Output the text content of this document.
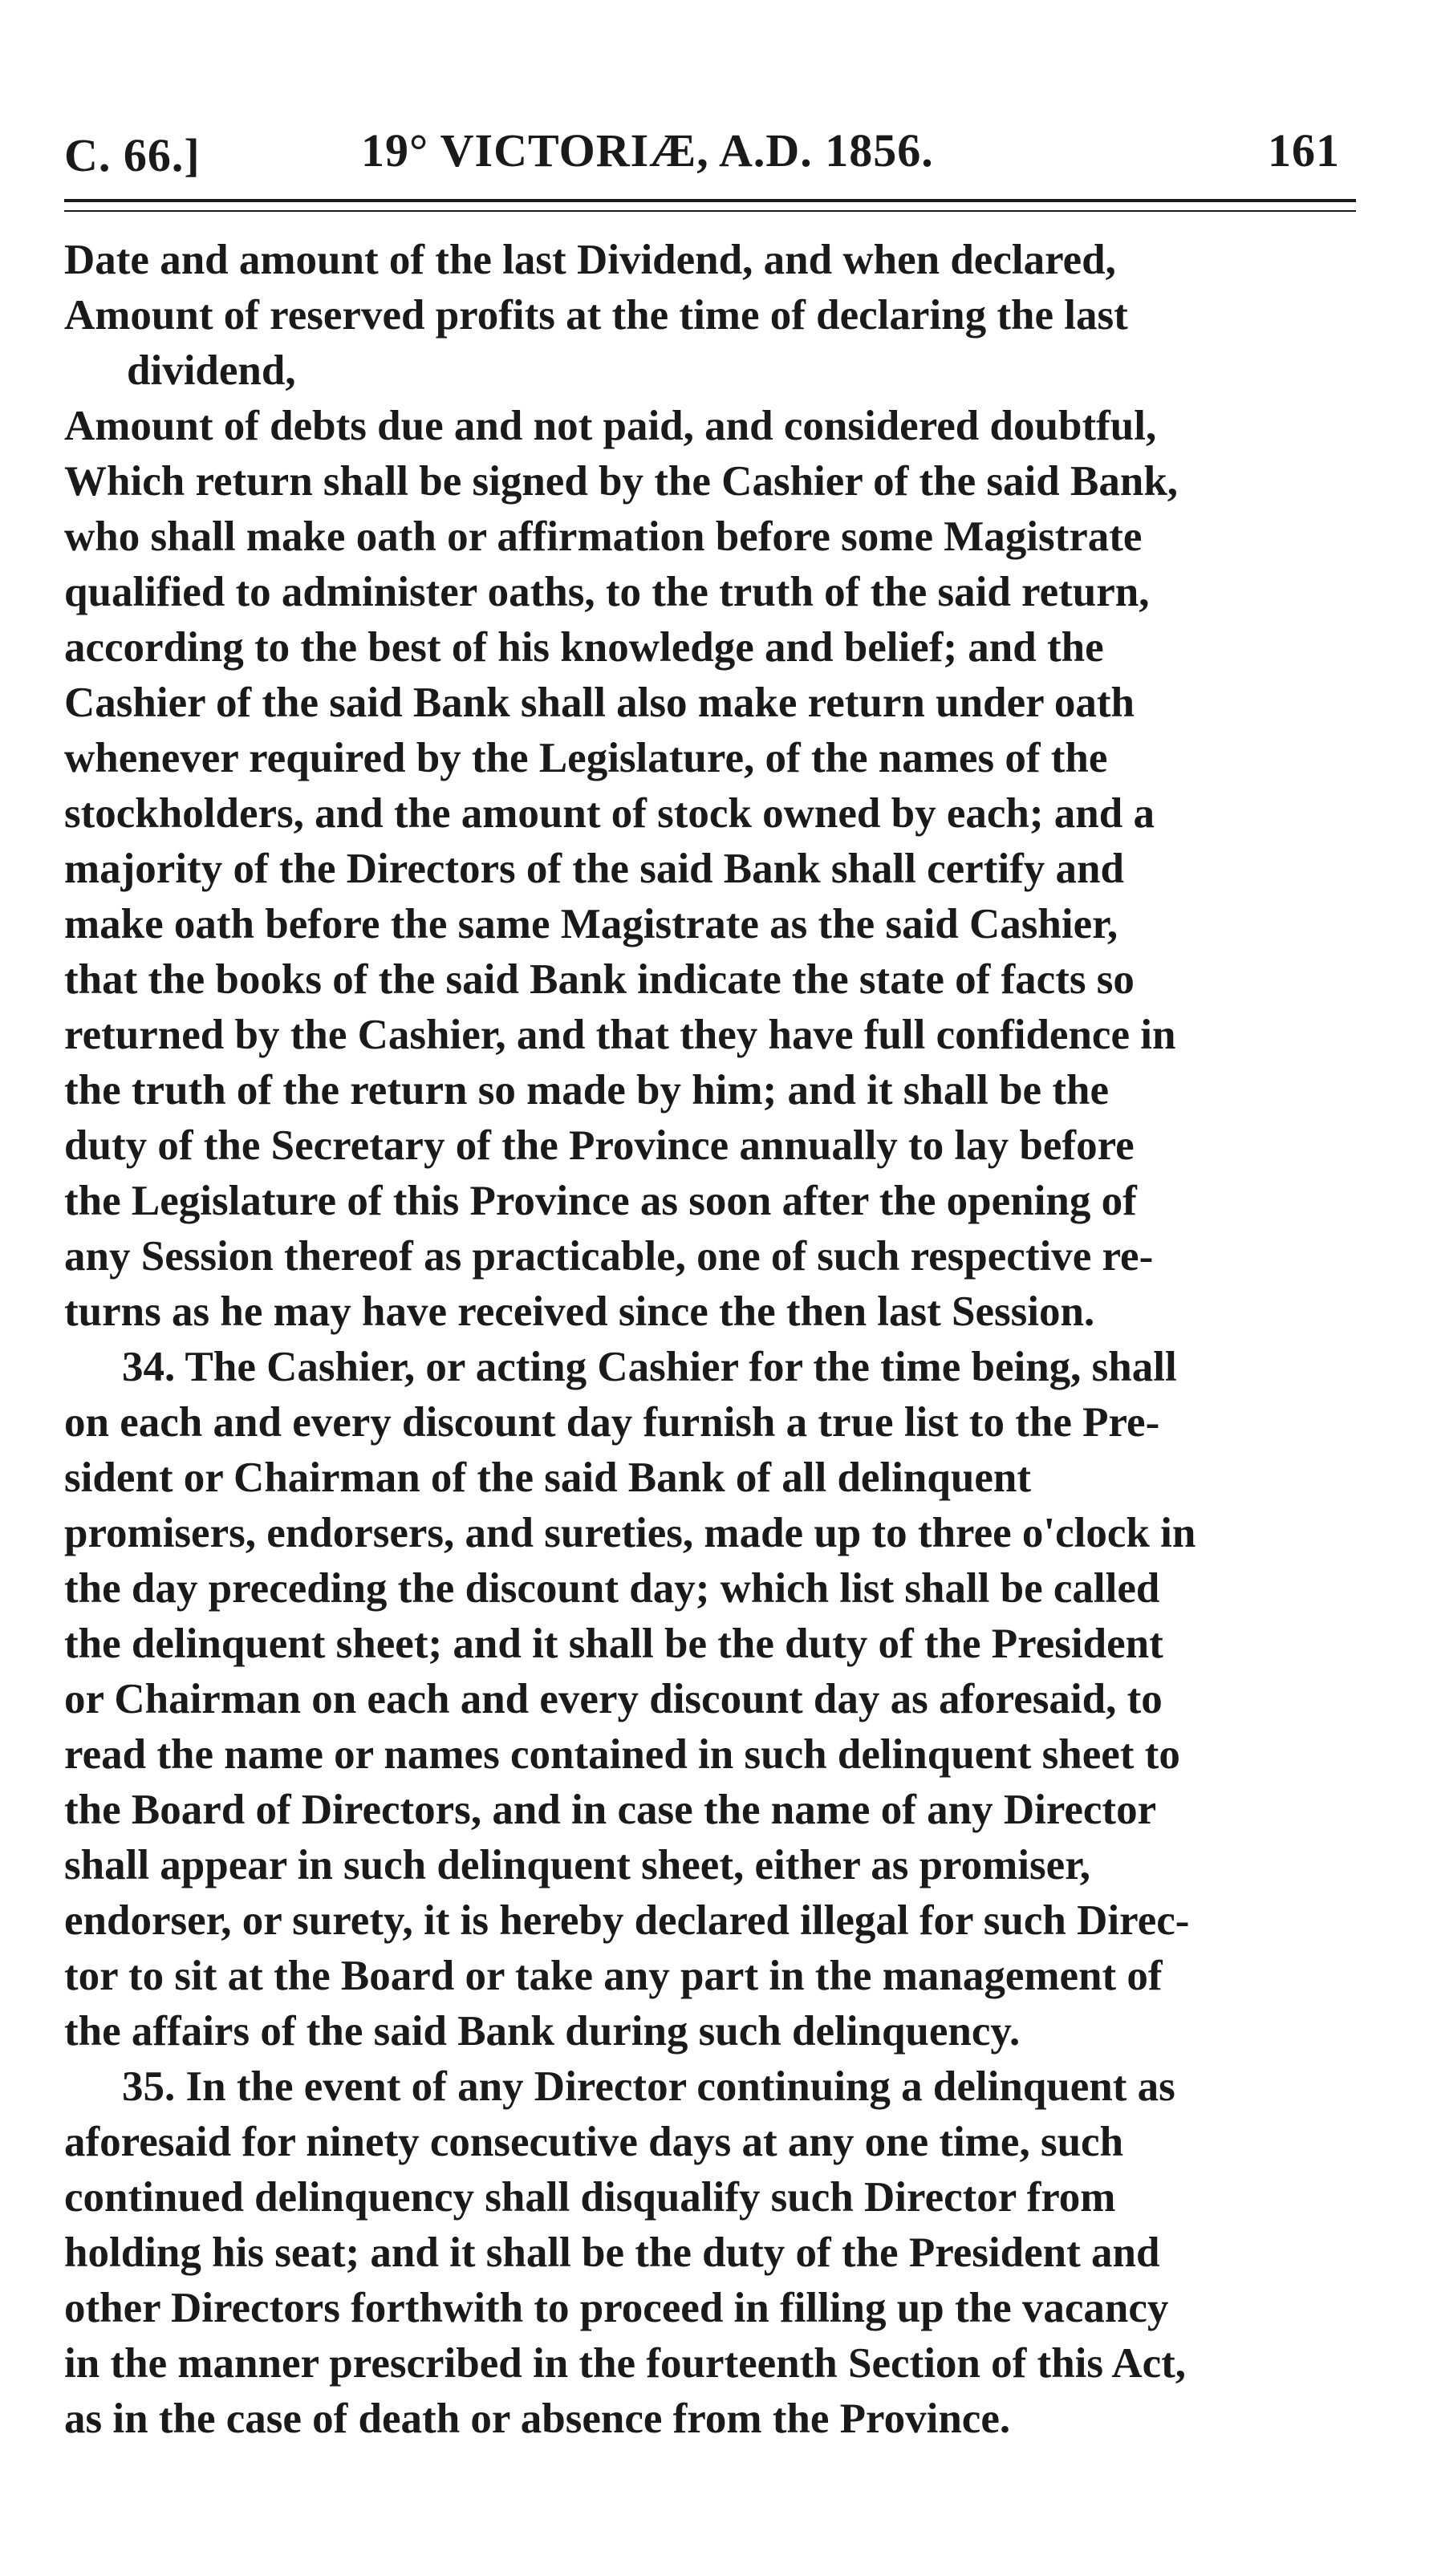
C. 66.]	19° VICTORIÆ, A.D. 1856.	161
Date and amount of the last Dividend, and when declared,
Amount of reserved profits at the time of declaring the last
dividend,
Amount of debts due and not paid, and considered doubtful,
Which return shall be signed by the Cashier of the said Bank,
who shall make oath or affirmation before some Magistrate
qualified to administer oaths, to the truth of the said return,
according to the best of his knowledge and belief; and the
Cashier of the said Bank shall also make return under oath
whenever required by the Legislature, of the names of the
stockholders, and the amount of stock owned by each; and a
majority of the Directors of the said Bank shall certify and
make oath before the same Magistrate as the said Cashier,
that the books of the said Bank indicate the state of facts so
returned by the Cashier, and that they have full confidence in
the truth of the return so made by him; and it shall be the
duty of the Secretary of the Province annually to lay before
the Legislature of this Province as soon after the opening of
any Session thereof as practicable, one of such respective re-
turns as he may have received since the then last Session.
34. The Cashier, or acting Cashier for the time being, shall
on each and every discount day furnish a true list to the Pre-
sident or Chairman of the said Bank of all delinquent
promisers, endorsers, and sureties, made up to three o'clock in
the day preceding the discount day; which list shall be called
the delinquent sheet; and it shall be the duty of the President
or Chairman on each and every discount day as aforesaid, to
read the name or names contained in such delinquent sheet to
the Board of Directors, and in case the name of any Director
shall appear in such delinquent sheet, either as promiser,
endorser, or surety, it is hereby declared illegal for such Direc-
tor to sit at the Board or take any part in the management of
the affairs of the said Bank during such delinquency.
35. In the event of any Director continuing a delinquent as
aforesaid for ninety consecutive days at any one time, such
continued delinquency shall disqualify such Director from
holding his seat; and it shall be the duty of the President and
other Directors forthwith to proceed in filling up the vacancy
in the manner prescribed in the fourteenth Section of this Act,
as in the case of death or absence from the Province.
